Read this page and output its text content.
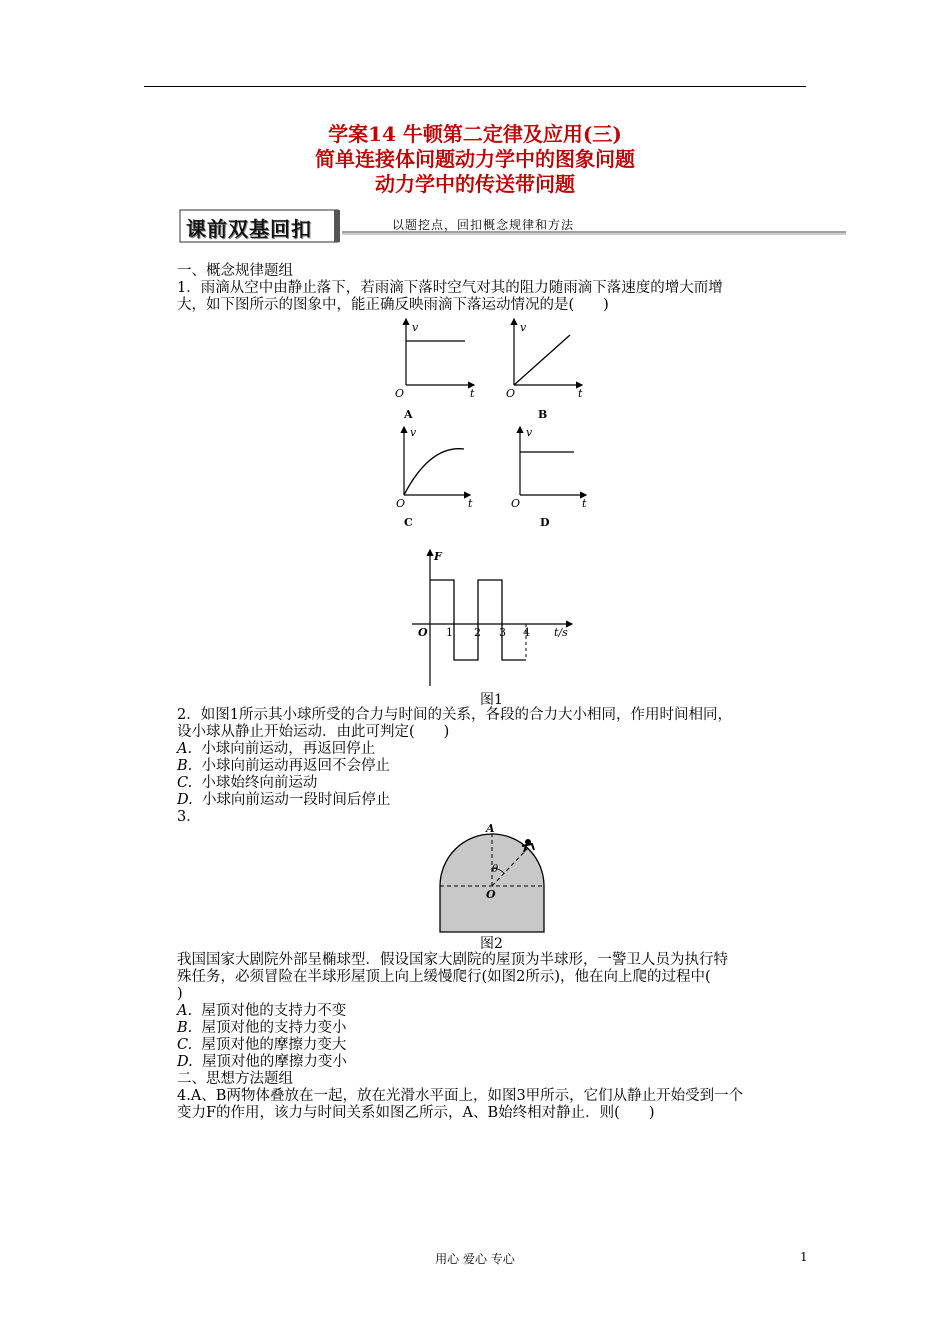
学案14 牛顿第二定律及应用(三)
简单连接体问题动力学中的图象问题
动力学中的传送带问题
课前双基回扣	以题挖点，回扣概念规律和方法
一、概念规律题组
1．雨滴从空中由静止落下，若雨滴下落时空气对其的阻力随雨滴下落速度的增大而增
大，如下图所示的图象中，能正确反映雨滴下落运动情况的是(　　)
v
O	t
A
v
O	t
B
v
O	t
C
v
O	t
D
F
O 1 2 3 4 t/s
图1
2．如图1所示其小球所受的合力与时间的关系，各段的合力大小相同，作用时间相同，
设小球从静止开始运动．由此可判定(　　)
A. 小球向前运动，再返回停止
B. 小球向前运动再返回不会停止
C. 小球始终向前运动
D. 小球向前运动一段时间后停止
3．
A
O
θ
图2
我国国家大剧院外部呈椭球型．假设国家大剧院的屋顶为半球形，一警卫人员为执行特
殊任务，必须冒险在半球形屋顶上向上缓慢爬行(如图2所示)，他在向上爬的过程中(
)
A. 屋顶对他的支持力不变
B. 屋顶对他的支持力变小
C. 屋顶对他的摩擦力变大
D. 屋顶对他的摩擦力变小
二、思想方法题组
4.A、B两物体叠放在一起，放在光滑水平面上，如图3甲所示，它们从静止开始受到一个
变力F的作用，该力与时间关系如图乙所示，A、B始终相对静止．则(　　)
用心 爱心 专心	1
